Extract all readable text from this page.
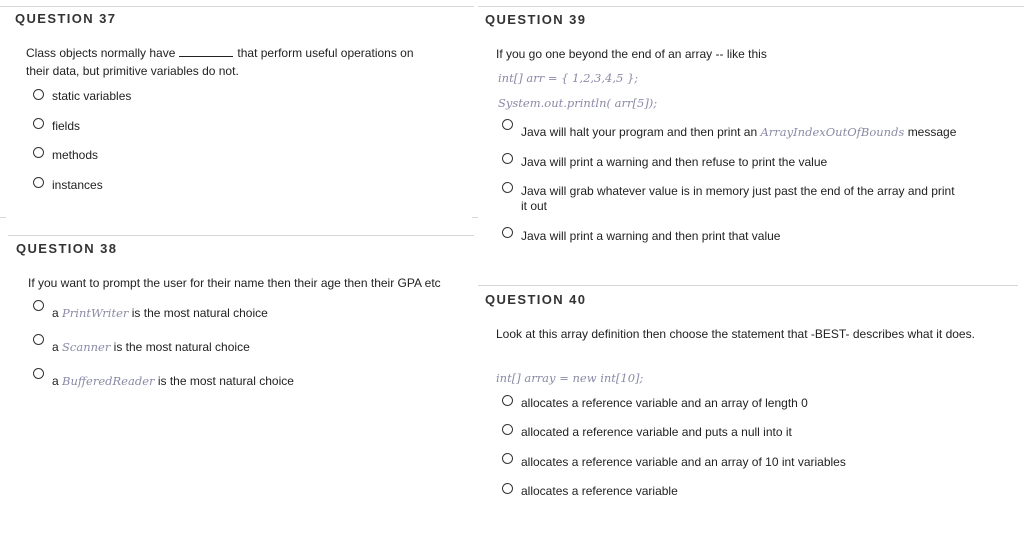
QUESTION 37
Class objects normally have	that perform useful operations on
their data, but primitive variables do not.
static variables
fields
methods
instances
QUESTION 38
If you want to prompt the user for their name then their age then their GPA etc
a PrintWriter is the most natural choice
a Scanner is the most natural choice
a BufferedReader is the most natural choice
QUESTION 39
If you go one beyond the end of an array -- like this
int[] arr = { 1,2,3,4,5 };
System.out.println( arr[5]);
Java will halt your program and then print an ArrayIndexOutOfBounds message
Java will print a warning and then refuse to print the value
Java will grab whatever value is in memory just past the end of the array and print
it out
Java will print a warning and then print that value
QUESTION 40
Look at this array definition then choose the statement that -BEST- describes what it does.
int[] array = new int[10];
allocates a reference variable and an array of length 0
allocated a reference variable and puts a null into it
allocates a reference variable and an array of 10 int variables
allocates a reference variable
